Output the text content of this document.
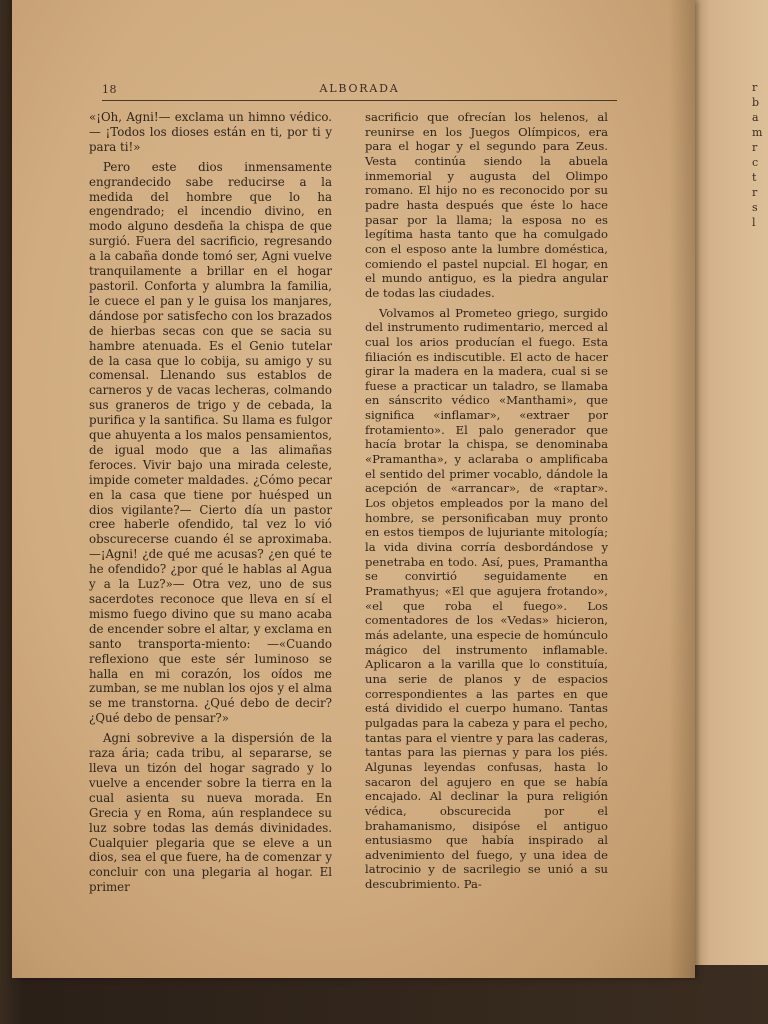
r
b
a
m
r
c
t
r
s
l
18	ALBORADA

«¡Oh, Agni!— exclama un himno védico.— ¡Todos los dioses están en ti, por ti y para ti!»

Pero este dios inmensamente engrandecido sabe reducirse a la medida del hombre que lo ha engendrado; el incendio divino, en modo alguno desdeña la chispa de que surgió. Fuera del sacrificio, regresando a la cabaña donde tomó ser, Agni vuelve tranquilamente a brillar en el hogar pastoril. Conforta y alumbra la familia, le cuece el pan y le guisa los manjares, dándose por satisfecho con los brazados de hierbas secas con que se sacia su hambre atenuada. Es el Genio tutelar de la casa que lo cobija, su amigo y su comensal. Llenando sus establos de carneros y de vacas lecheras, colmando sus graneros de trigo y de cebada, la purifica y la santifica. Su llama es fulgor que ahuyenta a los malos pensamientos, de igual modo que a las alimañas feroces. Vivir bajo una mirada celeste, impide cometer maldades. ¿Cómo pecar en la casa que tiene por huésped un dios vigilante?— Cierto día un pastor cree haberle ofendido, tal vez lo vió obscurecerse cuando él se aproximaba. —¡Agni! ¿de qué me acusas? ¿en qué te he ofendido? ¿por qué le hablas al Agua y a la Luz?»— Otra vez, uno de sus sacerdotes reconoce que lleva en sí el mismo fuego divino que su mano acaba de encender sobre el altar, y exclama en santo transporta-miento: —«Cuando reflexiono que este sér luminoso se halla en mi corazón, los oídos me zumban, se me nublan los ojos y el alma se me transtorna. ¿Qué debo de decir? ¿Qué debo de pensar?»

Agni sobrevive a la dispersión de la raza ária; cada tribu, al separarse, se lleva un tizón del hogar sagrado y lo vuelve a encender sobre la tierra en la cual asienta su nueva morada. En Grecia y en Roma, aún resplandece su luz sobre todas las demás divinidades. Cualquier plegaria que se eleve a un dios, sea el que fuere, ha de comenzar y concluir con una plegaria al hogar. El primer

sacrificio que ofrecían los helenos, al reunirse en los Juegos Olímpicos, era para el hogar y el segundo para Zeus. Vesta continúa siendo la abuela inmemorial y augusta del Olimpo romano. El hijo no es reconocido por su padre hasta después que éste lo hace pasar por la llama; la esposa no es legítima hasta tanto que ha comulgado con el esposo ante la lumbre doméstica, comiendo el pastel nupcial. El hogar, en el mundo antiguo, es la piedra angular de todas las ciudades.

Volvamos al Prometeo griego, surgido del instrumento rudimentario, merced al cual los arios producían el fuego. Esta filiación es indiscutible. El acto de hacer girar la madera en la madera, cual si se fuese a practicar un taladro, se llamaba en sánscrito védico «Manthami», que significa «inflamar», «extraer por frotamiento». El palo generador que hacía brotar la chispa, se denominaba «Pramantha», y aclaraba o amplificaba el sentido del primer vocablo, dándole la acepción de «arrancar», de «raptar». Los objetos empleados por la mano del hombre, se personificaban muy pronto en estos tiempos de lujuriante mitología; la vida divina corría desbordándose y penetraba en todo. Así, pues, Pramantha se convirtió seguidamente en Pramathyus; «El que agujera frotando», «el que roba el fuego». Los comentadores de los «Vedas» hicieron, más adelante, una especie de homúnculo mágico del instrumento inflamable. Aplicaron a la varilla que lo constituía, una serie de planos y de espacios correspondientes a las partes en que está dividido el cuerpo humano. Tantas pulgadas para la cabeza y para el pecho, tantas para el vientre y para las caderas, tantas para las piernas y para los piés. Algunas leyendas confusas, hasta lo sacaron del agujero en que se había encajado. Al declinar la pura religión védica, obscurecida por el brahamanismo, disipóse el antiguo entusiasmo que había inspirado al advenimiento del fuego, y una idea de latrocinio y de sacrilegio se unió a su descubrimiento. Pa-
